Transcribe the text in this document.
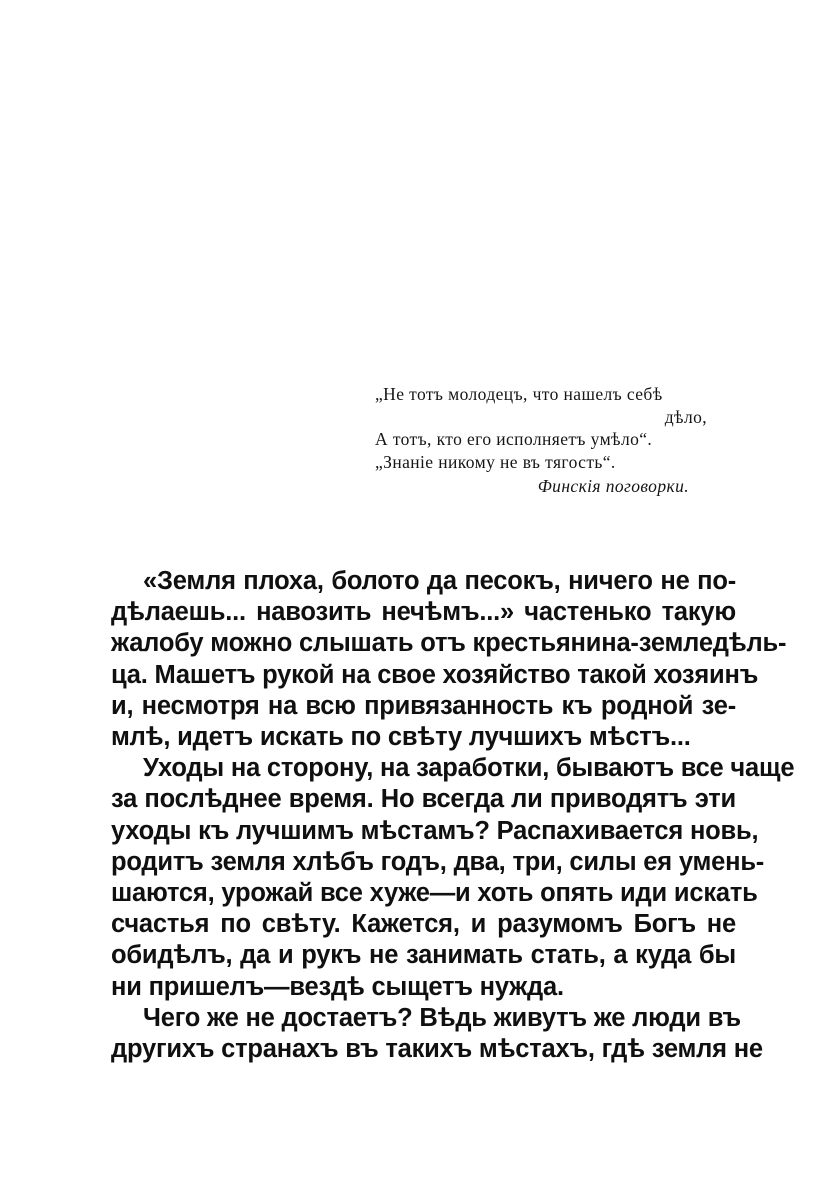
„Не тотъ молодецъ, что нашелъ себѣ
дѣло,
А тотъ, кто его исполняетъ умѣло“.
„Знаніе никому не въ тягость“.
Финскія поговорки.

«Земля плоха, болото да песокъ, ничего не по-
дѣлаешь... навозить нечѣмъ...» частенько такую
жалобу можно слышать отъ крестьянина-земледѣль-
ца. Машетъ рукой на свое хозяйство такой хозяинъ
и, несмотря на всю привязанность къ родной зе-
млѣ, идетъ искать по свѣту лучшихъ мѣстъ...

Уходы на сторону, на заработки, бываютъ все чаще
за послѣднее время. Но всегда ли приводятъ эти
уходы къ лучшимъ мѣстамъ? Распахивается новь,
родитъ земля хлѣбъ годъ, два, три, силы ея умень-
шаются, урожай все хуже—и хоть опять иди искать
счастья по свѣту. Кажется, и разумомъ Богъ не
обидѣлъ, да и рукъ не занимать стать, а куда бы
ни пришелъ—вездѣ сыщетъ нужда.

Чего же не достаетъ? Вѣдь живутъ же люди въ
другихъ странахъ въ такихъ мѣстахъ, гдѣ земля не
